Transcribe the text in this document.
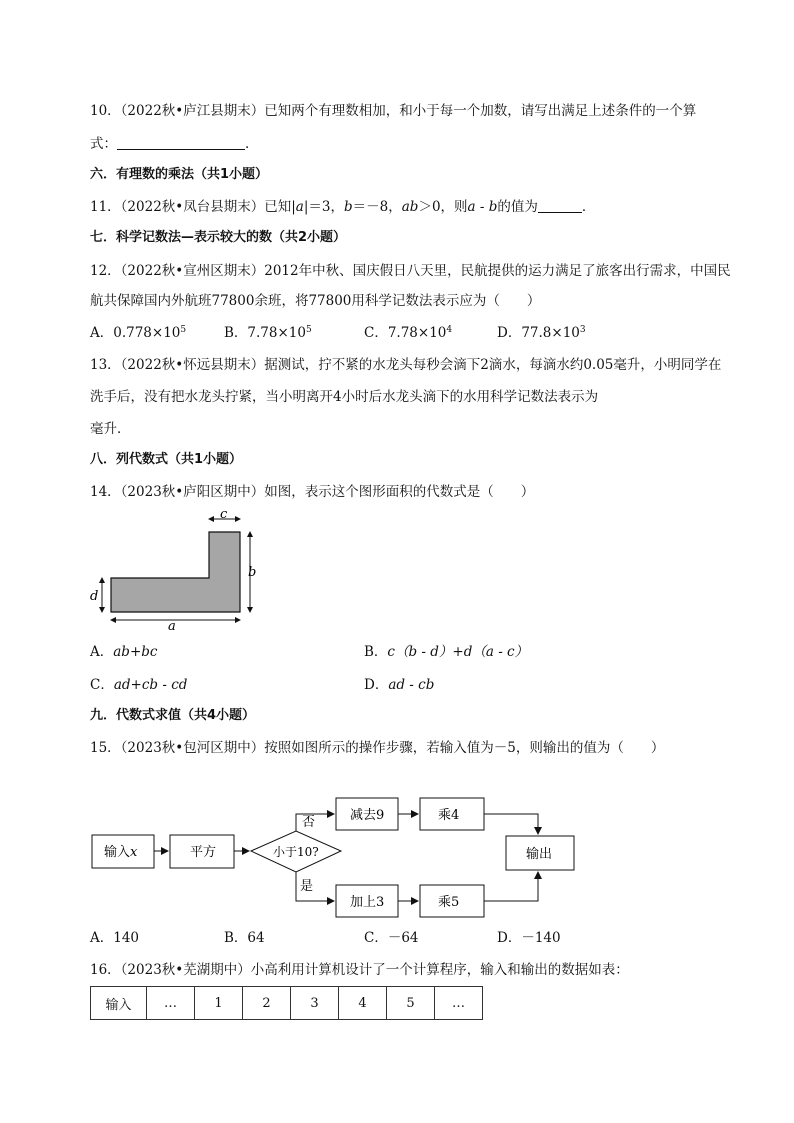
10．（2022秋•庐江县期末）已知两个有理数相加，和小于每一个加数，请写出满足上述条件的一个算
式：	．
六．有理数的乘法（共1小题）
11．（2022秋•凤台县期末）已知|a|＝3，b＝－8，ab＞0，则a - b的值为	．
七．科学记数法—表示较大的数（共2小题）
12．（2022秋•宣州区期末）2012年中秋、国庆假日八天里，民航提供的运力满足了旅客出行需求，中国民
航共保障国内外航班77800余班，将77800用科学记数法表示应为（　　）
A．$0.778\times 10^5$	B．$7.78\times 10^5$	C．$7.78\times 10^4$	D．$77.8\times 10^3$
13．（2022秋•怀远县期末）据测试，拧不紧的水龙头每秒会滴下2滴水，每滴水约0.05毫升，小明同学在
洗手后，没有把水龙头拧紧，当小明离开4小时后水龙头滴下的水用科学记数法表示为
毫升．
八．列代数式（共1小题）
14．（2023秋•庐阳区期中）如图，表示这个图形面积的代数式是（　　）
c
b
d
a
A．ab+bc	B．c（b - d）+d（a - c）
C．ad+cb - cd	D．ad - cb
九．代数式求值（共4小题）
15．（2023秋•包河区期中）按照如图所示的操作步骤，若输入值为－5，则输出的值为（　　）
输入x	平方	小于10?
否
是
减去9	乘4
加上3	乘5
输出
A．140	B．64	C．－64	D．－140
16．（2023秋•芜湖期中）小高利用计算机设计了一个计算程序，输入和输出的数据如表：
输入	…	1	2	3	4	5	…
